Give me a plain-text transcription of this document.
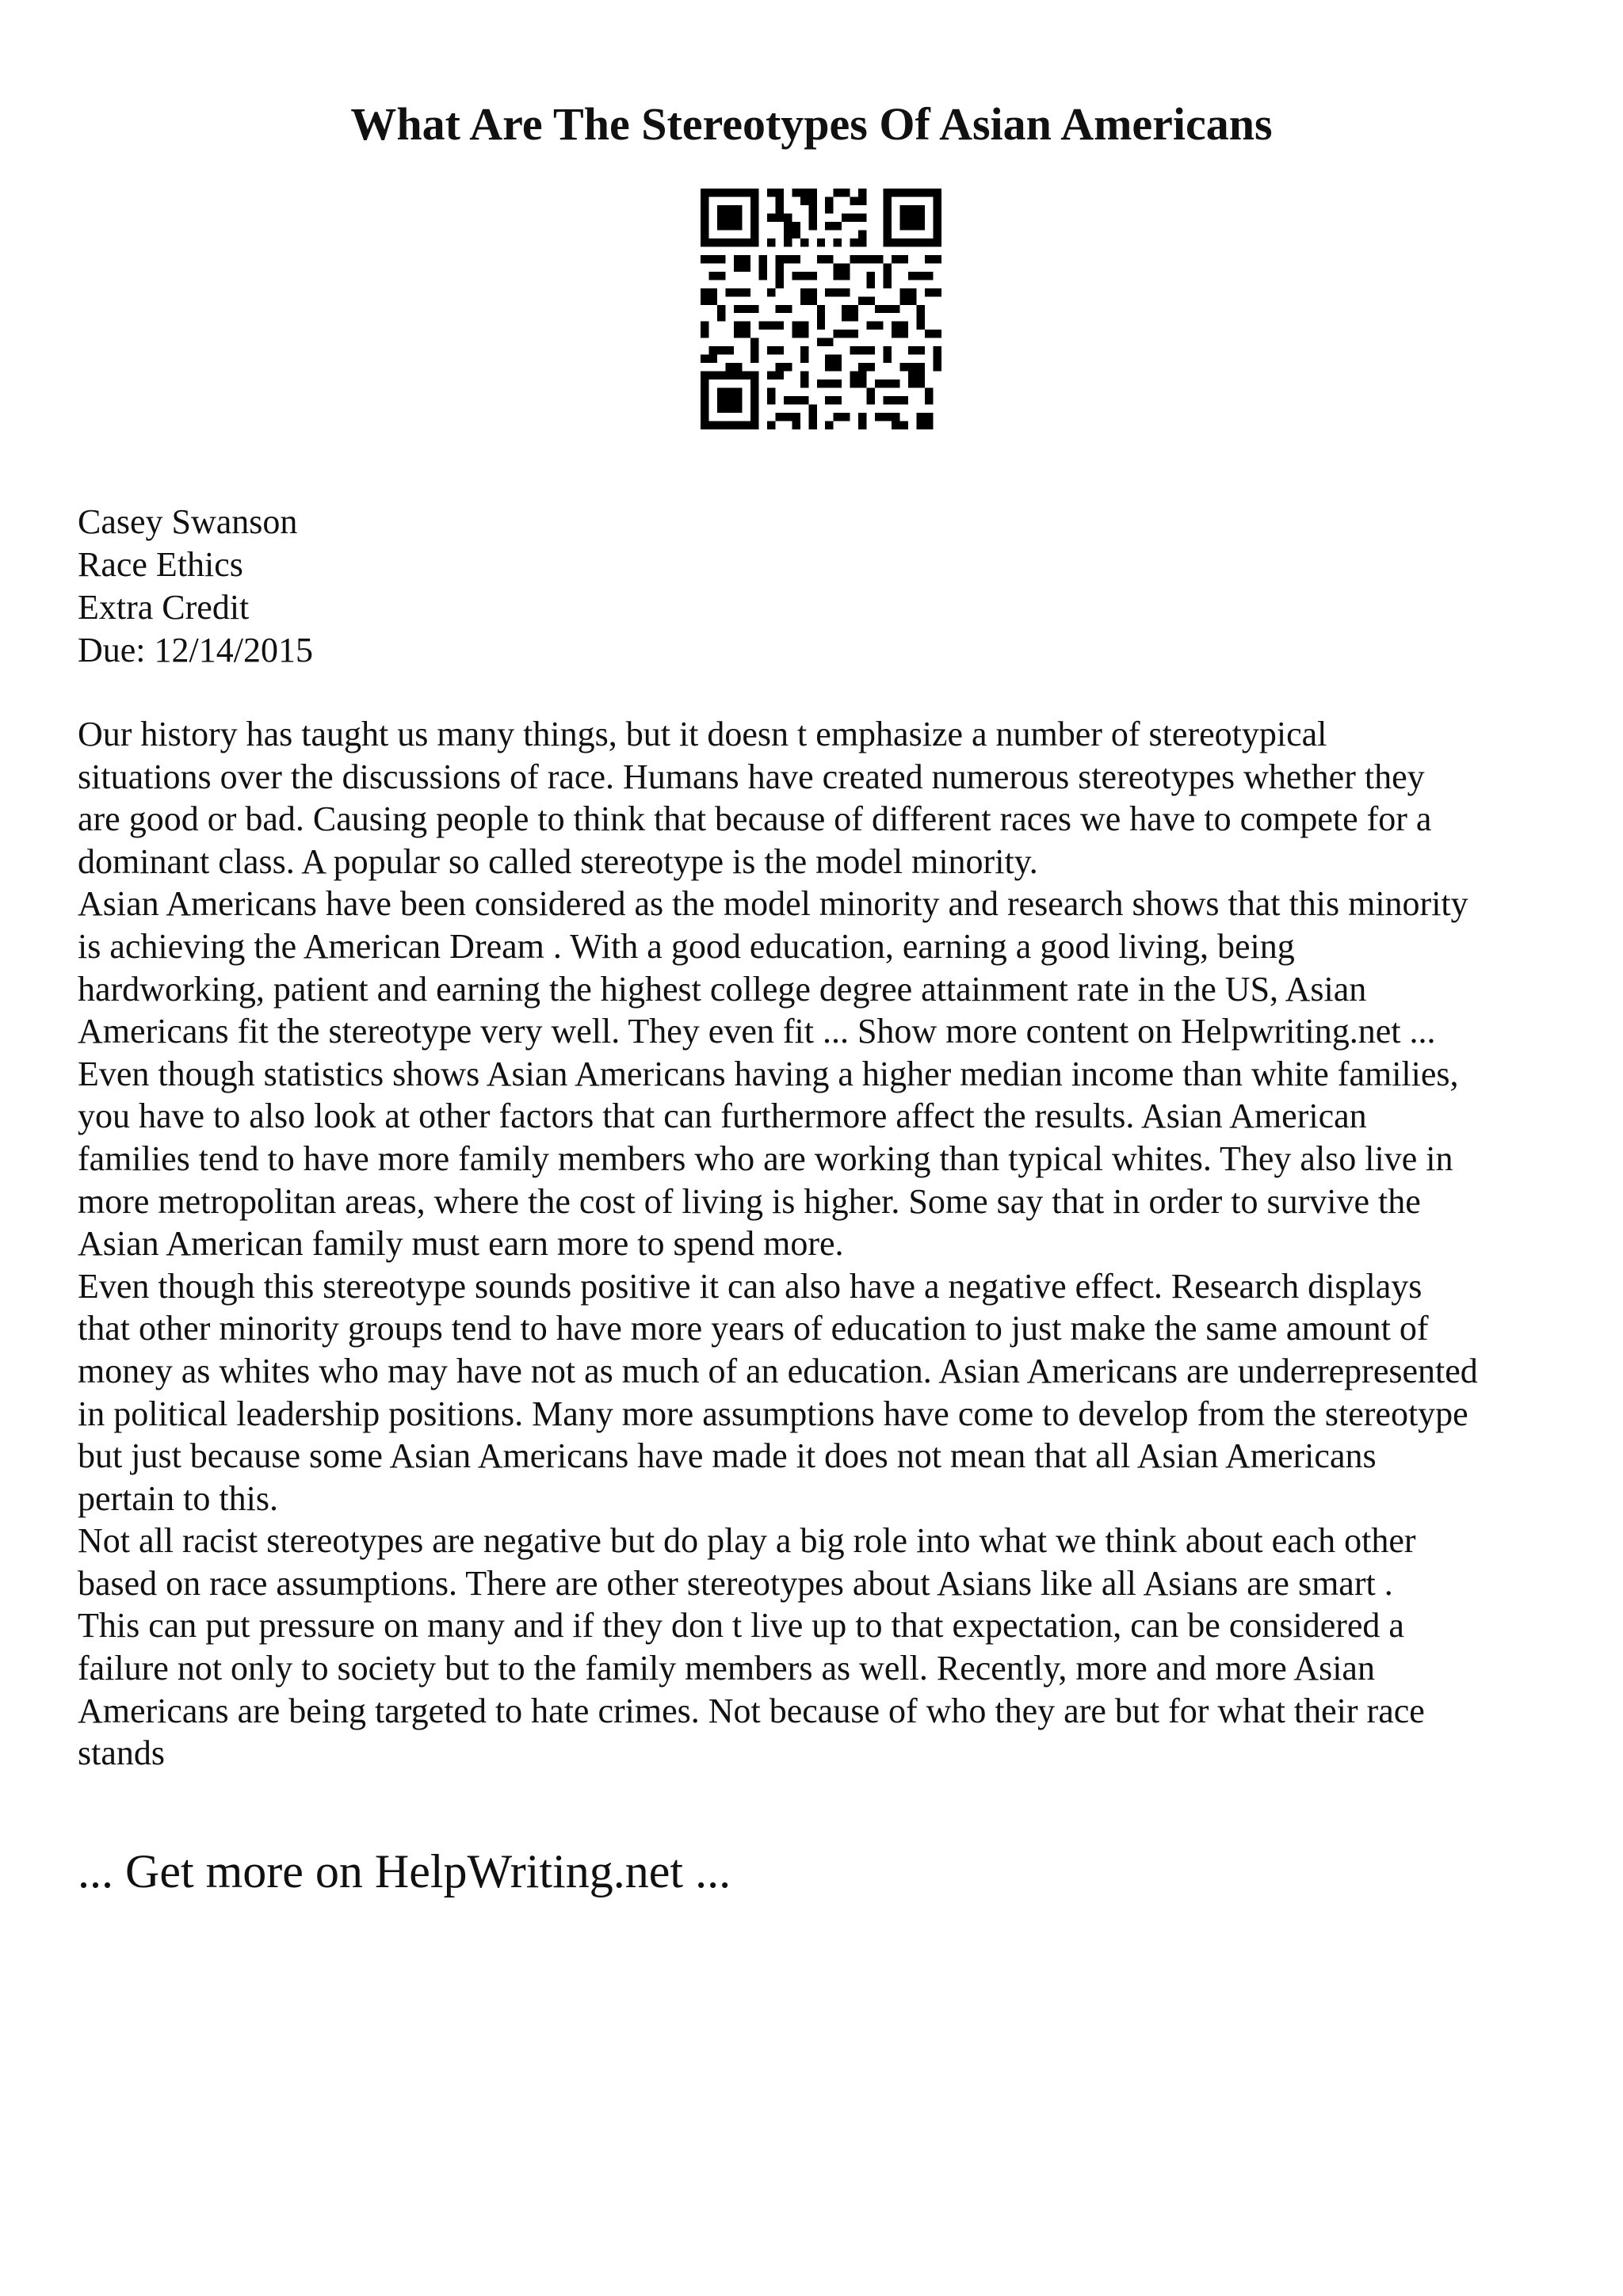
What Are The Stereotypes Of Asian Americans
Casey Swanson
Race Ethics
Extra Credit
Due: 12/14/2015

Our history has taught us many things, but it doesn t emphasize a number of stereotypical
situations over the discussions of race. Humans have created numerous stereotypes whether they
are good or bad. Causing people to think that because of different races we have to compete for a
dominant class. A popular so called stereotype is the model minority.

Asian Americans have been considered as the model minority and research shows that this minority
is achieving the American Dream . With a good education, earning a good living, being
hardworking, patient and earning the highest college degree attainment rate in the US, Asian
Americans fit the stereotype very well. They even fit ... Show more content on Helpwriting.net ...
Even though statistics shows Asian Americans having a higher median income than white families,
you have to also look at other factors that can furthermore affect the results. Asian American
families tend to have more family members who are working than typical whites. They also live in
more metropolitan areas, where the cost of living is higher. Some say that in order to survive the
Asian American family must earn more to spend more.

Even though this stereotype sounds positive it can also have a negative effect. Research displays
that other minority groups tend to have more years of education to just make the same amount of
money as whites who may have not as much of an education. Asian Americans are underrepresented
in political leadership positions. Many more assumptions have come to develop from the stereotype
but just because some Asian Americans have made it does not mean that all Asian Americans
pertain to this.

Not all racist stereotypes are negative but do play a big role into what we think about each other
based on race assumptions. There are other stereotypes about Asians like all Asians are smart .
This can put pressure on many and if they don t live up to that expectation, can be considered a
failure not only to society but to the family members as well. Recently, more and more Asian
Americans are being targeted to hate crimes. Not because of who they are but for what their race
stands

... Get more on HelpWriting.net ...
